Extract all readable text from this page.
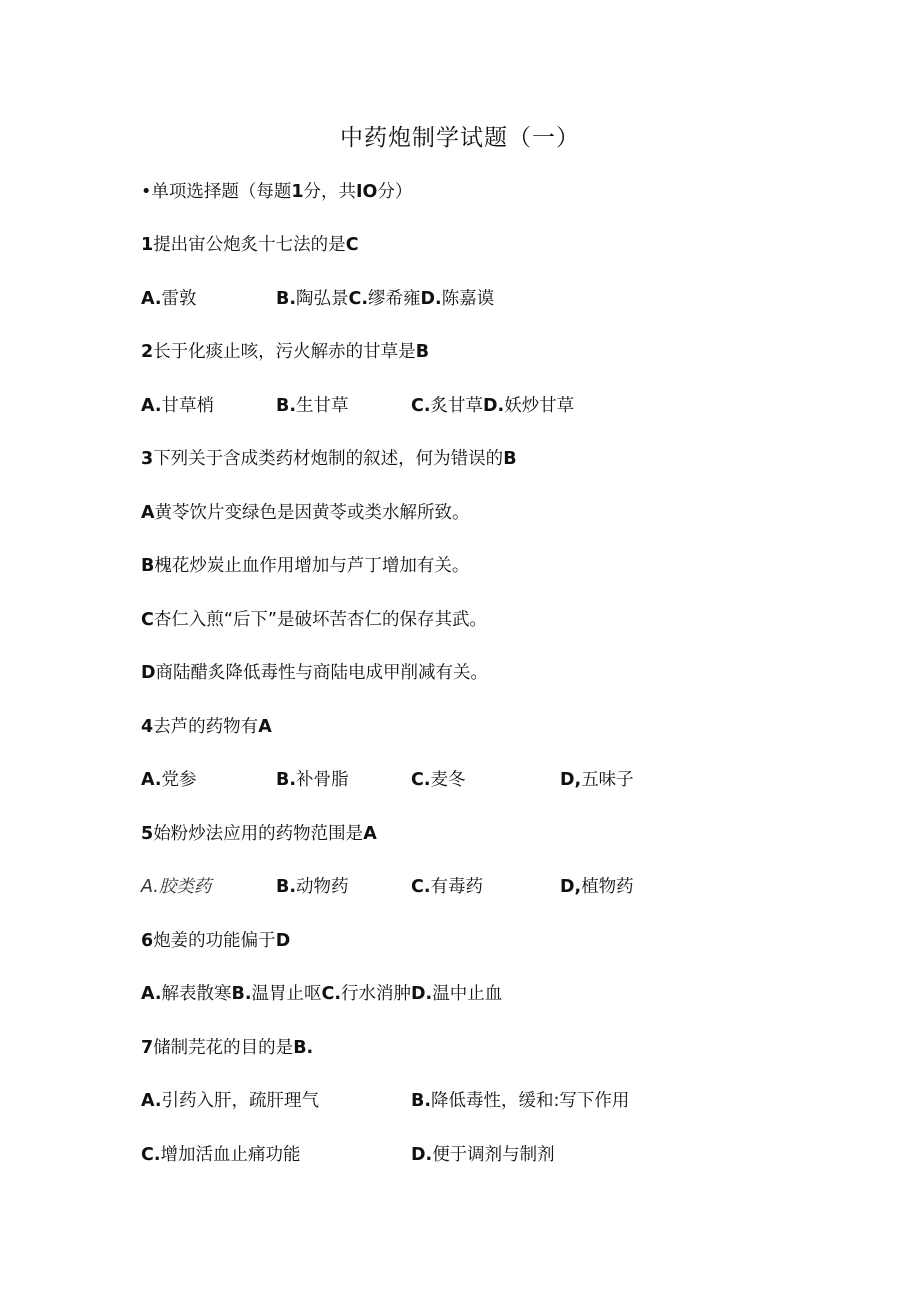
中药炮制学试题（一）
•单项选择题（每题1分，共IO分）
1提出宙公炮炙十七法的是C
A.雷敦	B.陶弘景C.缪希雍D.陈嘉谟
2长于化痰止咳，污火解赤的甘草是B
A.甘草梢	B.生甘草	C.炙甘草D.妖炒甘草
3下列关于含成类药材炮制的叙述，何为错误的B
A黄苓饮片变绿色是因黄苓或类水解所致。
B槐花炒炭止血作用增加与芦丁增加有关。
C杏仁入煎“后下”是破坏苦杏仁的保存其武。
D商陆醋炙降低毒性与商陆电成甲削减有关。
4去芦的药物有A
A.党参	B.补骨脂	C.麦冬	D,五味子
5始粉炒法应用的药物范围是A
A.胶类药	B.动物药	C.有毒药	D,植物药
6炮姜的功能偏于D
A.解表散寒B.温胃止呕C.行水消肿D.温中止血
7储制芫花的目的是B.
A.引药入肝，疏肝理气	B.降低毒性，缓和:写下作用
C.增加活血止痛功能	D.便于调剂与制剂
